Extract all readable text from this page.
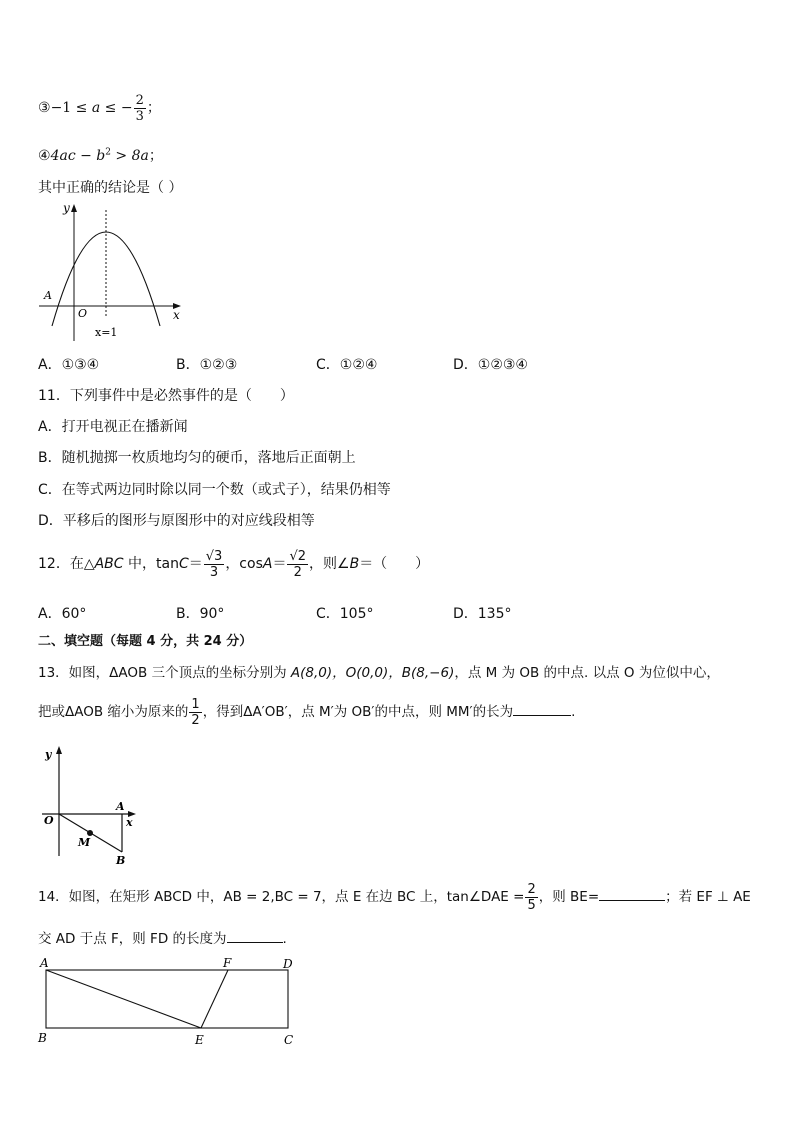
③−1 ≤ a ≤ − $\frac{2}{3}$ ；
④4ac − $b^2 > 8a$；
其中正确的结论是（ ）
y
x
O
A
x=1
A．①③④	B．①②③	C．①②④	D．①②③④
11．下列事件中是必然事件的是（　　）
A．打开电视正在播新闻
B．随机抛掷一枚质地均匀的硬币，落地后正面朝上
C．在等式两边同时除以同一个数（或式子），结果仍相等
D．平移后的图形与原图形中的对应线段相等
12．在△ABC 中，$\tan C= \frac{√3}{3}$ ，$\cos A= \frac{√2}{2}$ ，则∠B＝（　　）
A．60°	B．90°	C．105°	D．135°
二、填空题（每题 4 分，共 24 分）
13．如图，ΔAOB 三个顶点的坐标分别为 A(8,0)，O(0,0)，B(8,−6)，点 M 为 OB 的中点. 以点 O 为位似中心，
把或ΔAOB 缩小为原来的 $\frac{1}{2}$ ，得到ΔA′OB′，点 M′为 OB′的中点，则 MM′的长为	.
y
x
O
A
M
B
14．如图，在矩形 ABCD 中，AB = 2,BC = 7，点 E 在边 BC 上，tan∠DAE = $\frac{2}{5}$ ，则 BE=	；若 EF ⊥ AE
交 AD 于点 F，则 FD 的长度为	.
A	F	D
B	E	C
